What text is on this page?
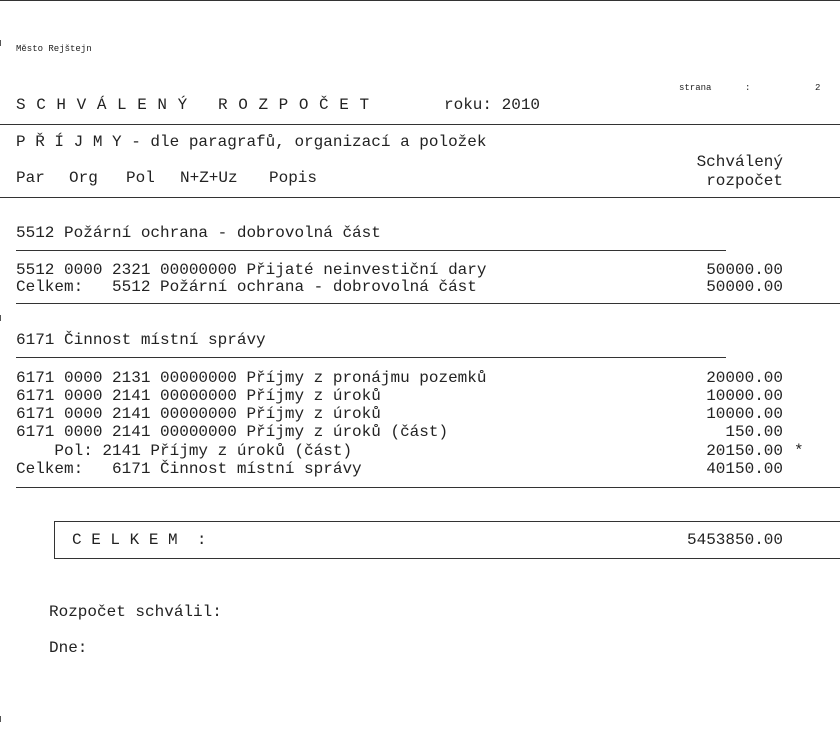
Město Rejštejn
strana	:	2
S C H V Á L E N Ý   R O Z P O Č E T	roku: 2010
P Ř Í J M Y - dle paragrafů, organizací a položek
Par Org Pol N+Z+Uz Popis
Schválený
rozpočet
5512 Požární ochrana - dobrovolná část
5512 0000 2321 00000000 Přijaté neinvestiční dary	50000.00
Celkem:   5512 Požární ochrana - dobrovolná část	50000.00
6171 Činnost místní správy
6171 0000 2131 00000000 Příjmy z pronájmu pozemků	20000.00
6171 0000 2141 00000000 Příjmy z úroků	10000.00
6171 0000 2141 00000000 Příjmy z úroků	10000.00
6171 0000 2141 00000000 Příjmy z úroků (část)	150.00
Pol: 2141 Příjmy z úroků (část)	20150.00 *
Celkem:   6171 Činnost místní správy	40150.00
C E L K E M  :	5453850.00
Rozpočet schválil:
Dne:
